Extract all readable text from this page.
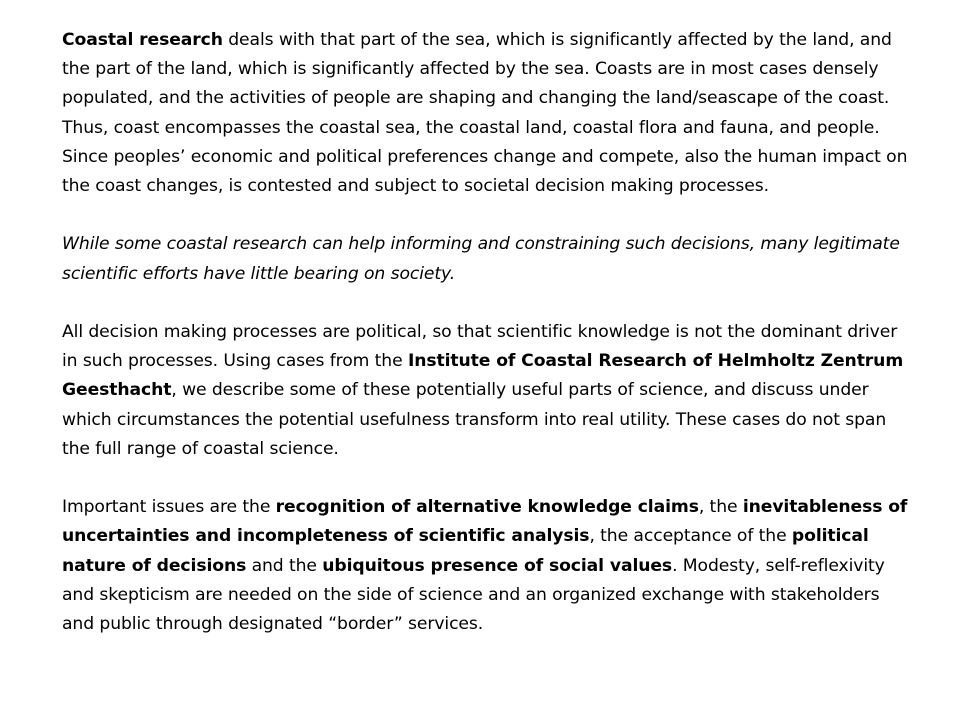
Coastal research deals with that part of the sea, which is significantly affected by the land, and the part of the land, which is significantly affected by the sea. Coasts are in most cases densely populated, and the activities of people are shaping and changing the land/seascape of the coast. Thus, coast encompasses the coastal sea, the coastal land, coastal flora and fauna, and people. Since peoples’ economic and political preferences change and compete, also the human impact on the coast changes, is contested and subject to societal decision making processes.

While some coastal research can help informing and constraining such decisions, many legitimate scientific efforts have little bearing on society.

All decision making processes are political, so that scientific knowledge is not the dominant driver in such processes. Using cases from the Institute of Coastal Research of Helmholtz Zentrum Geesthacht, we describe some of these potentially useful parts of science, and discuss under which circumstances the potential usefulness transform into real utility. These cases do not span the full range of coastal science.

Important issues are the recognition of alternative knowledge claims, the inevitableness of uncertainties and incompleteness of scientific analysis, the acceptance of the political nature of decisions and the ubiquitous presence of social values. Modesty, self-reflexivity and skepticism are needed on the side of science and an organized exchange with stakeholders and public through designated “border” services.
